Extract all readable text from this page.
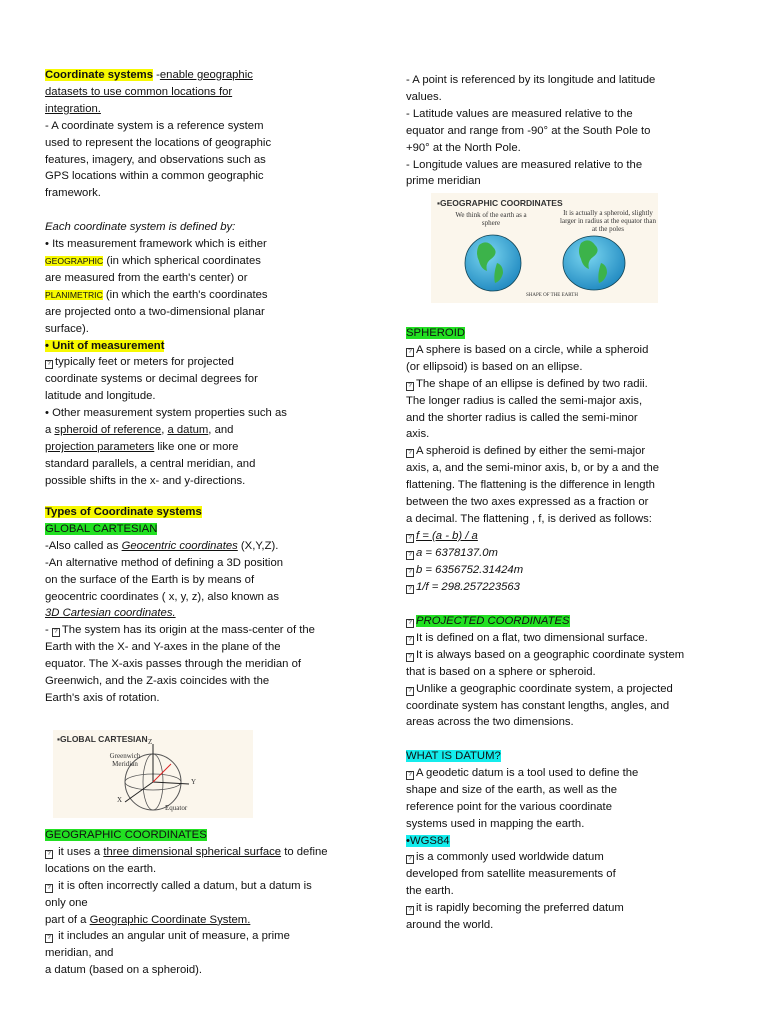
Coordinate systems -enable geographic

datasets to use common locations for

integration.

- A coordinate system is a reference system

used to represent the locations of geographic

features, imagery, and observations such as

GPS locations within a common geographic

framework.

Each coordinate system is defined by:

• Its measurement framework which is either

GEOGRAPHIC (in which spherical coordinates

are measured from the earth's center) or

PLANIMETRIC (in which the earth's coordinates

are projected onto a two-dimensional planar

surface).

• Unit of measurement

? typically feet or meters for projected

coordinate systems or decimal degrees for

latitude and longitude.

• Other measurement system properties such as

a spheroid of reference, a datum, and

projection parameters like one or more

standard parallels, a central meridian, and

possible shifts in the x- and y-directions.

Types of Coordinate systems

GLOBAL CARTESIAN

-Also called as Geocentric coordinates (X,Y,Z).

-An alternative method of defining a 3D position

on the surface of the Earth is by means of

geocentric coordinates ( x, y, z), also known as

3D Cartesian coordinates.

- ? The system has its origin at the mass-center of the

Earth with the X- and Y-axes in the plane of the

equator. The X-axis passes through the meridian of

Greenwich, and the Z-axis coincides with the

Earth's axis of rotation.

▪GLOBAL CARTESIAN
Greenwich Meridian
Equator
Z
X
Y

GEOGRAPHIC COORDINATES

? it uses a three dimensional spherical surface to define

locations on the earth.

? it is often incorrectly called a datum, but a datum is

only one

part of a Geographic Coordinate System.

? it includes an angular unit of measure, a prime

meridian, and

a datum (based on a spheroid).

- A point is referenced by its longitude and latitude

values.

- Latitude values are measured relative to the

equator and range from -90° at the South Pole to

+90° at the North Pole.

- Longitude values are measured relative to the

prime meridian

▪GEOGRAPHIC COORDINATES
We think of the earth as a sphere
It is actually a spheroid, slightly larger in radius at the equator than at the poles
SHAPE OF THE EARTH

SPHEROID

? A sphere is based on a circle, while a spheroid

(or ellipsoid) is based on an ellipse.

? The shape of an ellipse is defined by two radii.

The longer radius is called the semi-major axis,

and the shorter radius is called the semi-minor

axis.

? A spheroid is defined by either the semi-major

axis, a, and the semi-minor axis, b, or by a and the

flattening. The flattening is the difference in length

between the two axes expressed as a fraction or

a decimal. The flattening , f, is derived as follows:

? f = (a - b) / a

? a = 6378137.0m

? b = 6356752.31424m

? 1/f = 298.257223563

? PROJECTED COORDINATES

? It is defined on a flat, two dimensional surface.

? It is always based on a geographic coordinate system

that is based on a sphere or spheroid.

? Unlike a geographic coordinate system, a projected

coordinate system has constant lengths, angles, and

areas across the two dimensions.

WHAT IS DATUM?

? A geodetic datum is a tool used to define the

shape and size of the earth, as well as the

reference point for the various coordinate

systems used in mapping the earth.

•WGS84

? is a commonly used worldwide datum

developed from satellite measurements of

the earth.

? it is rapidly becoming the preferred datum

around the world.
